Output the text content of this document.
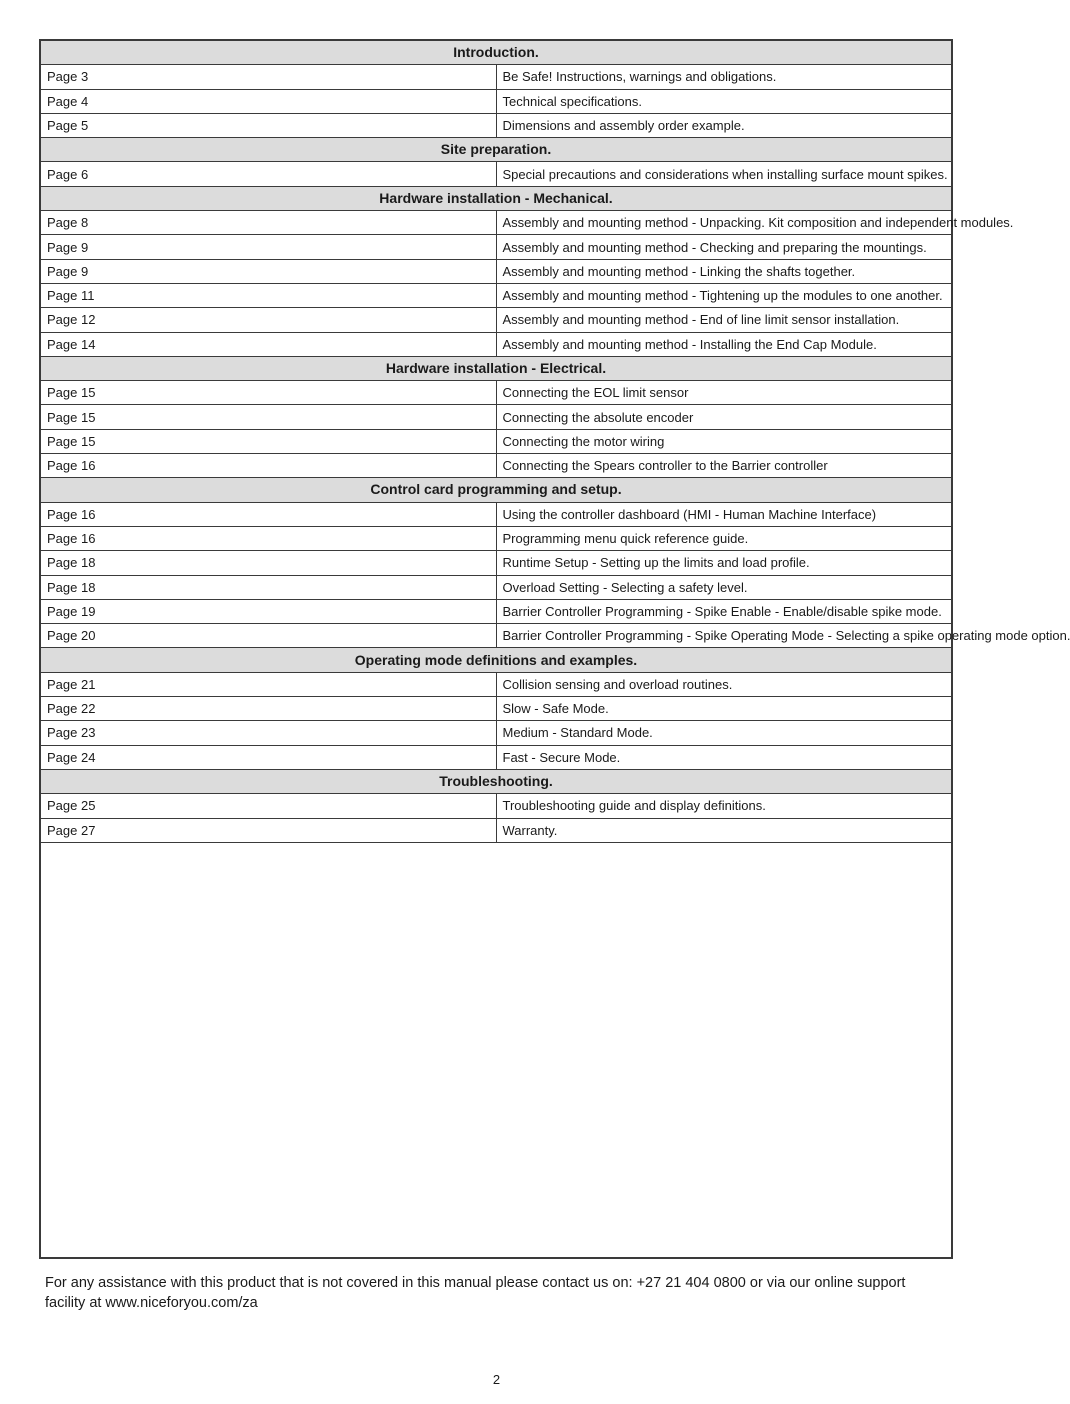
Introduction.	
Page 3	Be Safe! Instructions, warnings and obligations.
Page 4	Technical specifications.
Page 5	Dimensions and assembly order example.
Site preparation.	
Page 6	Special precautions and considerations when installing surface mount spikes.
Hardware installation - Mechanical.	
Page 8	Assembly and mounting method - Unpacking. Kit composition and independent modules.
Page 9	Assembly and mounting method - Checking and preparing the mountings.
Page 9	Assembly and mounting method - Linking the shafts together.
Page 11	Assembly and mounting method - Tightening up the modules to one another.
Page 12	Assembly and mounting method - End of line limit sensor installation.
Page 14	Assembly and mounting method - Installing the End Cap Module.
Hardware installation - Electrical.	
Page 15	Connecting the EOL limit sensor
Page 15	Connecting the absolute encoder
Page 15	Connecting the motor wiring
Page 16	Connecting the Spears controller to the Barrier controller
Control card programming and setup.	
Page 16	Using the controller dashboard (HMI - Human Machine Interface)
Page 16	Programming menu quick reference guide.
Page 18	Runtime Setup - Setting up the limits and load profile.
Page 18	Overload Setting - Selecting a safety level.
Page 19	Barrier Controller Programming - Spike Enable - Enable/disable spike mode.
Page 20	Barrier Controller Programming - Spike Operating Mode - Selecting a spike operating mode option.
Operating mode definitions and examples.	
Page 21	Collision sensing and overload routines.
Page 22	Slow - Safe Mode.
Page 23	Medium - Standard Mode.
Page 24	Fast - Secure Mode.
Troubleshooting.	
Page 25	Troubleshooting guide and display definitions.
Page 27	Warranty.
For any assistance with this product that is not covered in this manual please contact us on: +27 21 404 0800 or via our online support
facility at www.niceforyou.com/za
2
